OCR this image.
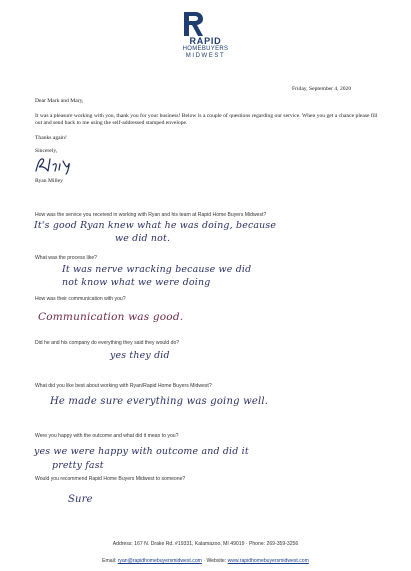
RAPID
HOMEBUYERS
MIDWEST
Friday, September 4, 2020
Dear Mark and Mary,
It was a pleasure working with you, thank you for your business! Below is a couple of questions regarding our service. When you get a chance please fill out and send back to me using the self-addressed stamped envelope.
Thanks again!
Sincerely,
Ryan Milley
How was the service you received in working with Ryan and his team at Rapid Home Buyers Midwest?
It's good Ryan knew what he was doing, because
we did not.
What was the process like?
It was nerve wracking because we did
not know what we were doing
How was their communication with you?
Communication was good.
Did he and his company do everything they said they would do?
yes they did
What did you like best about working with Ryan/Rapid Home Buyers Midwest?
He made sure everything was going well.
Were you happy with the outcome and what did it mean to you?
yes we were happy with outcome and did it
pretty fast
Would you recommend Rapid Home Buyers Midwest to someone?
Sure
Address: 167 N. Drake Rd. #19331, Kalamazoo, MI 49019 · Phone: 269-359-3256
Email: ryan@rapidhomebuyersmidwest.com · Website: www.rapidhomebuyersmidwest.com
